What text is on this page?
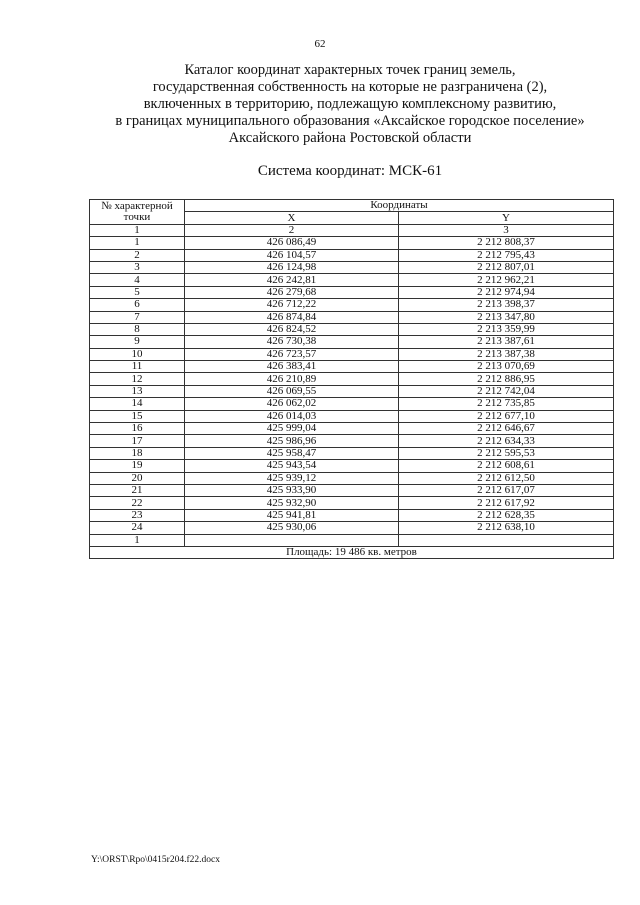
62
Каталог координат характерных точек границ земель,
государственная собственность на которые не разграничена (2),
включенных в территорию, подлежащую комплексному развитию,
в границах муниципального образования «Аксайское городское поселение»
Аксайского района Ростовской области
Система координат: МСК-61
№ характерной точки	Координаты	
	X	Y
1	2	3
1	426 086,49	2 212 808,37
2	426 104,57	2 212 795,43
3	426 124,98	2 212 807,01
4	426 242,81	2 212 962,21
5	426 279,68	2 212 974,94
6	426 712,22	2 213 398,37
7	426 874,84	2 213 347,80
8	426 824,52	2 213 359,99
9	426 730,38	2 213 387,61
10	426 723,57	2 213 387,38
11	426 383,41	2 213 070,69
12	426 210,89	2 212 886,95
13	426 069,55	2 212 742,04
14	426 062,02	2 212 735,85
15	426 014,03	2 212 677,10
16	425 999,04	2 212 646,67
17	425 986,96	2 212 634,33
18	425 958,47	2 212 595,53
19	425 943,54	2 212 608,61
20	425 939,12	2 212 612,50
21	425 933,90	2 212 617,07
22	425 932,90	2 212 617,92
23	425 941,81	2 212 628,35
24	425 930,06	2 212 638,10
1		
Площадь: 19 486 кв. метров		
Y:\ORST\Rpo\0415r204.f22.docx
